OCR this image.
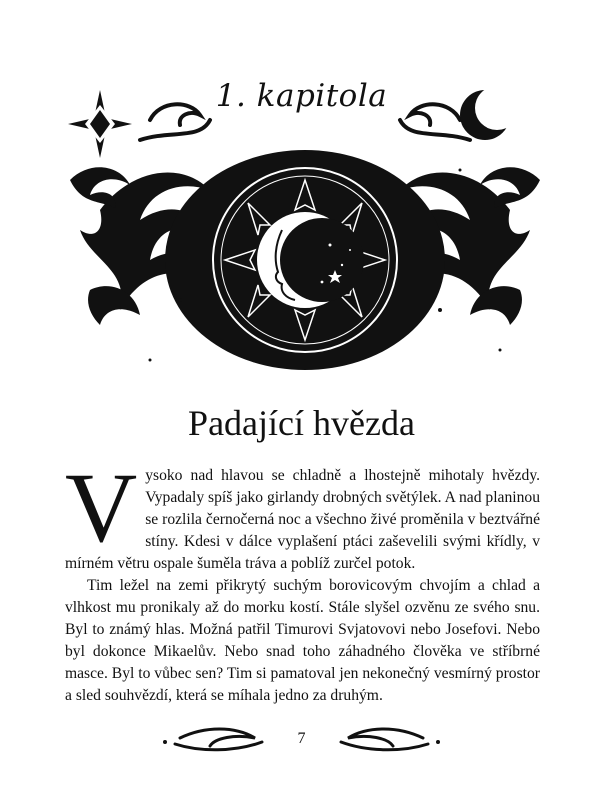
1. kapitola
Padající hvězda

Vysoko nad hlavou se chladně a lhostejně mihotaly hvězdy. Vypadaly spíš jako girlandy drobných světýlek. A nad planinou se rozlila černočerná noc a všechno živé proměnila v beztvářné stíny. Kdesi v dálce vyplašení ptáci zaševelili svými křídly, v mírném větru ospale šuměla tráva a poblíž zurčel potok.

Tim ležel na zemi přikrytý suchým borovicovým chvojím a chlad a vlhkost mu pronikaly až do morku kostí. Stále slyšel ozvěnu ze svého snu. Byl to známý hlas. Možná patřil Timurovi Svjatovovi nebo Josefovi. Nebo byl dokonce Mikaelův. Nebo snad toho záhadného člověka ve stříbrné masce. Byl to vůbec sen? Tim si pamatoval jen nekonečný vesmírný prostor a sled souhvězdí, která se míhala jedno za druhým.

7
